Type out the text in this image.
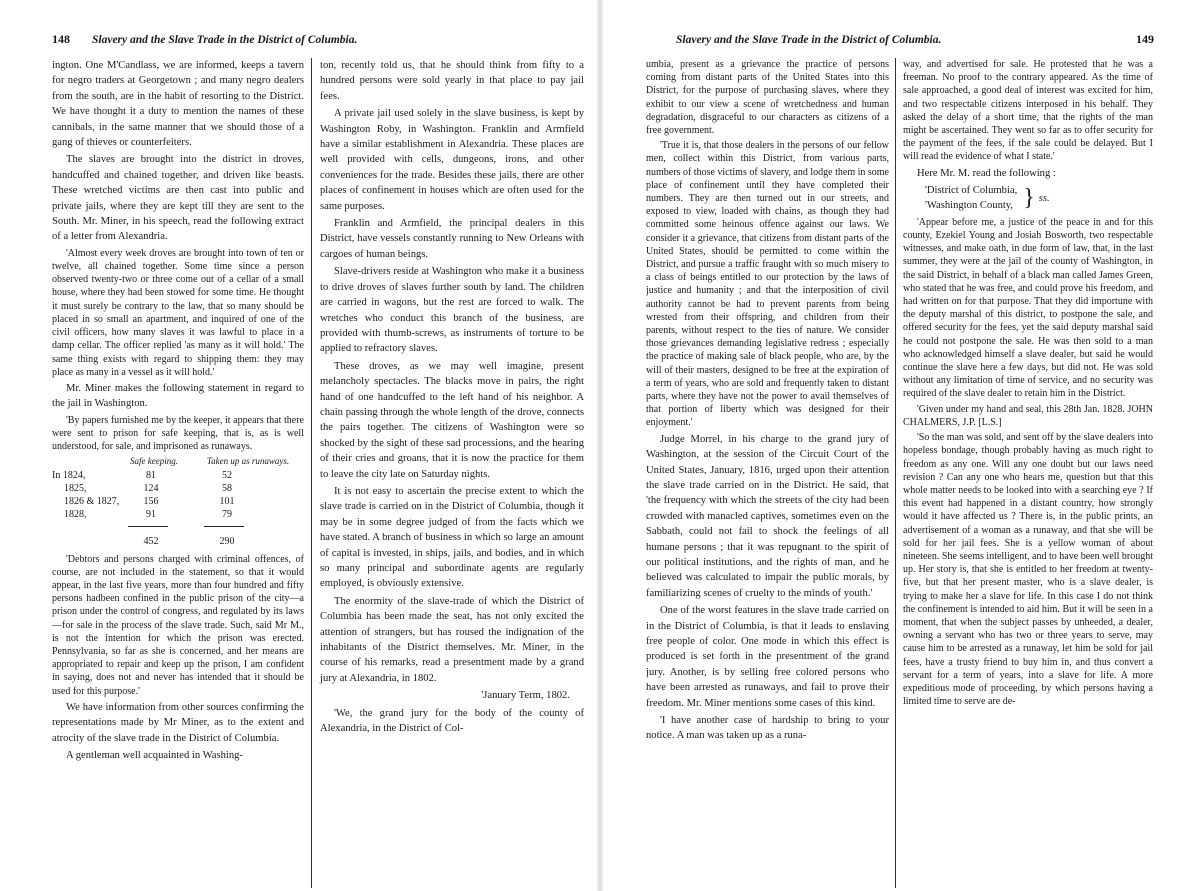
148 Slavery and the Slave Trade in the District of Columbia.

ington. One M'Candlass, we are informed, keeps a tavern for negro traders at Georgetown ; and many negro dealers from the south, are in the habit of resorting to the District. We have thought it a duty to mention the names of these cannibals, in the same manner that we should those of a gang of thieves or counterfeiters.

The slaves are brought into the district in droves, handcuffed and chained together, and driven like beasts. These wretched victims are then cast into public and private jails, where they are kept till they are sent to the South. Mr. Miner, in his speech, read the following extract of a letter from Alexandria.

'Almost every week droves are brought into town of ten or twelve, all chained together. Some time since a person observed twenty-two or three come out of a cellar of a small house, where they had been stowed for some time. He thought it must surely be contrary to the law, that so many should be placed in so small an apartment, and inquired of one of the civil officers, how many slaves it was lawful to place in a damp cellar. The officer replied 'as many as it will hold.' The same thing exists with regard to shipping them: they may place as many in a vessel as it will hold.'

Mr. Miner makes the following statement in regard to the jail in Washington.

'By papers furnished me by the keeper, it appears that there were sent to prison for safe keeping, that is, as is well understood, for sale, and imprisoned as runaways.

Safe keeping.	Taken up as runaways.
In 1824,	81	52
1825,	124	58
1826 & 1827,	156	101
1828,	91	79
452	290

'Debtors and persons charged with criminal offences, of course, are not included in the statement, so that it would appear, in the last five years, more than four hundred and fifty persons hadbeen confined in the public prison of the city—a prison under the control of congress, and regulated by its laws—for sale in the process of the slave trade. Such, said Mr M., is not the intention for which the prison was erected. Pennsylvania, so far as she is concerned, and her means are appropriated to repair and keep up the prison, I am confident in saying, does not and never has intended that it should be used for this purpose.'

We have information from other sources confirming the representations made by Mr Miner, as to the extent and atrocity of the slave trade in the District of Columbia.

A gentleman well acquainted in Washing-

ton, recently told us, that he should think from fifty to a hundred persons were sold yearly in that place to pay jail fees.

A private jail used solely in the slave business, is kept by Washington Roby, in Washington. Franklin and Armfield have a similar establishment in Alexandria. These places are well provided with cells, dungeons, irons, and other conveniences for the trade. Besides these jails, there are other places of confinement in houses which are often used for the same purposes.

Franklin and Armfield, the principal dealers in this District, have vessels constantly running to New Orleans with cargoes of human beings.

Slave-drivers reside at Washington who make it a business to drive droves of slaves further south by land. The children are carried in wagons, but the rest are forced to walk. The wretches who conduct this branch of the business, are provided with thumb-screws, as instruments of torture to be applied to refractory slaves.

These droves, as we may well imagine, present melancholy spectacles. The blacks move in pairs, the right hand of one handcuffed to the left hand of his neighbor. A chain passing through the whole length of the drove, connects the pairs together. The citizens of Washington were so shocked by the sight of these sad processions, and the hearing of their cries and groans, that it is now the practice for them to leave the city late on Saturday nights.

It is not easy to ascertain the precise extent to which the slave trade is carried on in the District of Columbia, though it may be in some degree judged of from the facts which we have stated. A branch of business in which so large an amount of capital is invested, in ships, jails, and bodies, and in which so many principal and subordinate agents are regularly employed, is obviously extensive.

The enormity of the slave-trade of which the District of Columbia has been made the seat, has not only excited the attention of strangers, but has roused the indignation of the inhabitants of the District themselves. Mr. Miner, in the course of his remarks, read a presentment made by a grand jury at Alexandria, in 1802.

'January Term, 1802.

'We, the grand jury for the body of the county of Alexandria, in the District of Col-

Slavery and the Slave Trade in the District of Columbia.	149

umbia, present as a grievance the practice of persons coming from distant parts of the United States into this District, for the purpose of purchasing slaves, where they exhibit to our view a scene of wretchedness and human degradation, disgraceful to our characters as citizens of a free government.

'True it is, that those dealers in the persons of our fellow men, collect within this District, from various parts, numbers of those victims of slavery, and lodge them in some place of confinement until they have completed their numbers. They are then turned out in our streets, and exposed to view, loaded with chains, as though they had committed some heinous offence against our laws. We consider it a grievance, that citizens from distant parts of the United States, should be permitted to come within the District, and pursue a traffic fraught with so much misery to a class of beings entitled to our protection by the laws of justice and humanity ; and that the interposition of civil authority cannot be had to prevent parents from being wrested from their offspring, and children from their parents, without respect to the ties of nature. We consider those grievances demanding legislative redress ; especially the practice of making sale of black people, who are, by the will of their masters, designed to be free at the expiration of a term of years, who are sold and frequently taken to distant parts, where they have not the power to avail themselves of that portion of liberty which was designed for their enjoyment.'

Judge Morrel, in his charge to the grand jury of Washington, at the session of the Circuit Court of the United States, January, 1816, urged upon their attention the slave trade carried on in the District. He said, that 'the frequency with which the streets of the city had been crowded with manacled captives, sometimes even on the Sabbath, could not fail to shock the feelings of all humane persons ; that it was repugnant to the spirit of our political institutions, and the rights of man, and he believed was calculated to impair the public morals, by familiarizing scenes of cruelty to the minds of youth.'

One of the worst features in the slave trade carried on in the District of Columbia, is that it leads to enslaving free people of color. One mode in which this effect is produced is set forth in the presentment of the grand jury. Another, is by selling free colored persons who have been arrested as runaways, and fail to prove their freedom. Mr. Miner mentions some cases of this kind.

'I have another case of hardship to bring to your notice. A man was taken up as a runa-

way, and advertised for sale. He protested that he was a freeman. No proof to the contrary appeared. As the time of sale approached, a good deal of interest was excited for him, and two respectable citizens interposed in his behalf. They asked the delay of a short time, that the rights of the man might be ascertained. They went so far as to offer security for the payment of the fees, if the sale could be delayed. But I will read the evidence of what I state.'

Here Mr. M. read the following :

'District of Columbia,
'Washington County, } ss.

'Appear before me, a justice of the peace in and for this county, Ezekiel Young and Josiah Bosworth, two respectable witnesses, and make oath, in due form of law, that, in the last summer, they were at the jail of the county of Washington, in the said District, in behalf of a black man called James Green, who stated that he was free, and could prove his freedom, and had written on for that purpose. That they did importune with the deputy marshal of this district, to postpone the sale, and offered security for the fees, yet the said deputy marshal said he could not postpone the sale. He was then sold to a man who acknowledged himself a slave dealer, but said he would continue the slave here a few days, but did not. He was sold without any limitation of time of service, and no security was required of the slave dealer to retain him in the District.

'Given under my hand and seal, this 28th Jan. 1828. JOHN CHALMERS, J.P. [L.S.]

'So the man was sold, and sent off by the slave dealers into hopeless bondage, though probably having as much right to freedom as any one. Will any one doubt but our laws need revision ? Can any one who hears me, question but that this whole matter needs to be looked into with a searching eye ? If this event had happened in a distant country, how strongly would it have affected us ? There is, in the public prints, an advertisement of a woman as a runaway, and that she will be sold for her jail fees. She is a yellow woman of about nineteen. She seems intelligent, and to have been well brought up. Her story is, that she is entitled to her freedom at twenty-five, but that her present master, who is a slave dealer, is trying to make her a slave for life. In this case I do not think the confinement is intended to aid him. But it will be seen in a moment, that when the subject passes by unheeded, a dealer, owning a servant who has two or three years to serve, may cause him to be arrested as a runaway, let him be sold for jail fees, have a trusty friend to buy him in, and thus convert a servant for a term of years, into a slave for life. A more expeditious mode of proceeding, by which persons having a limited time to serve are de-
